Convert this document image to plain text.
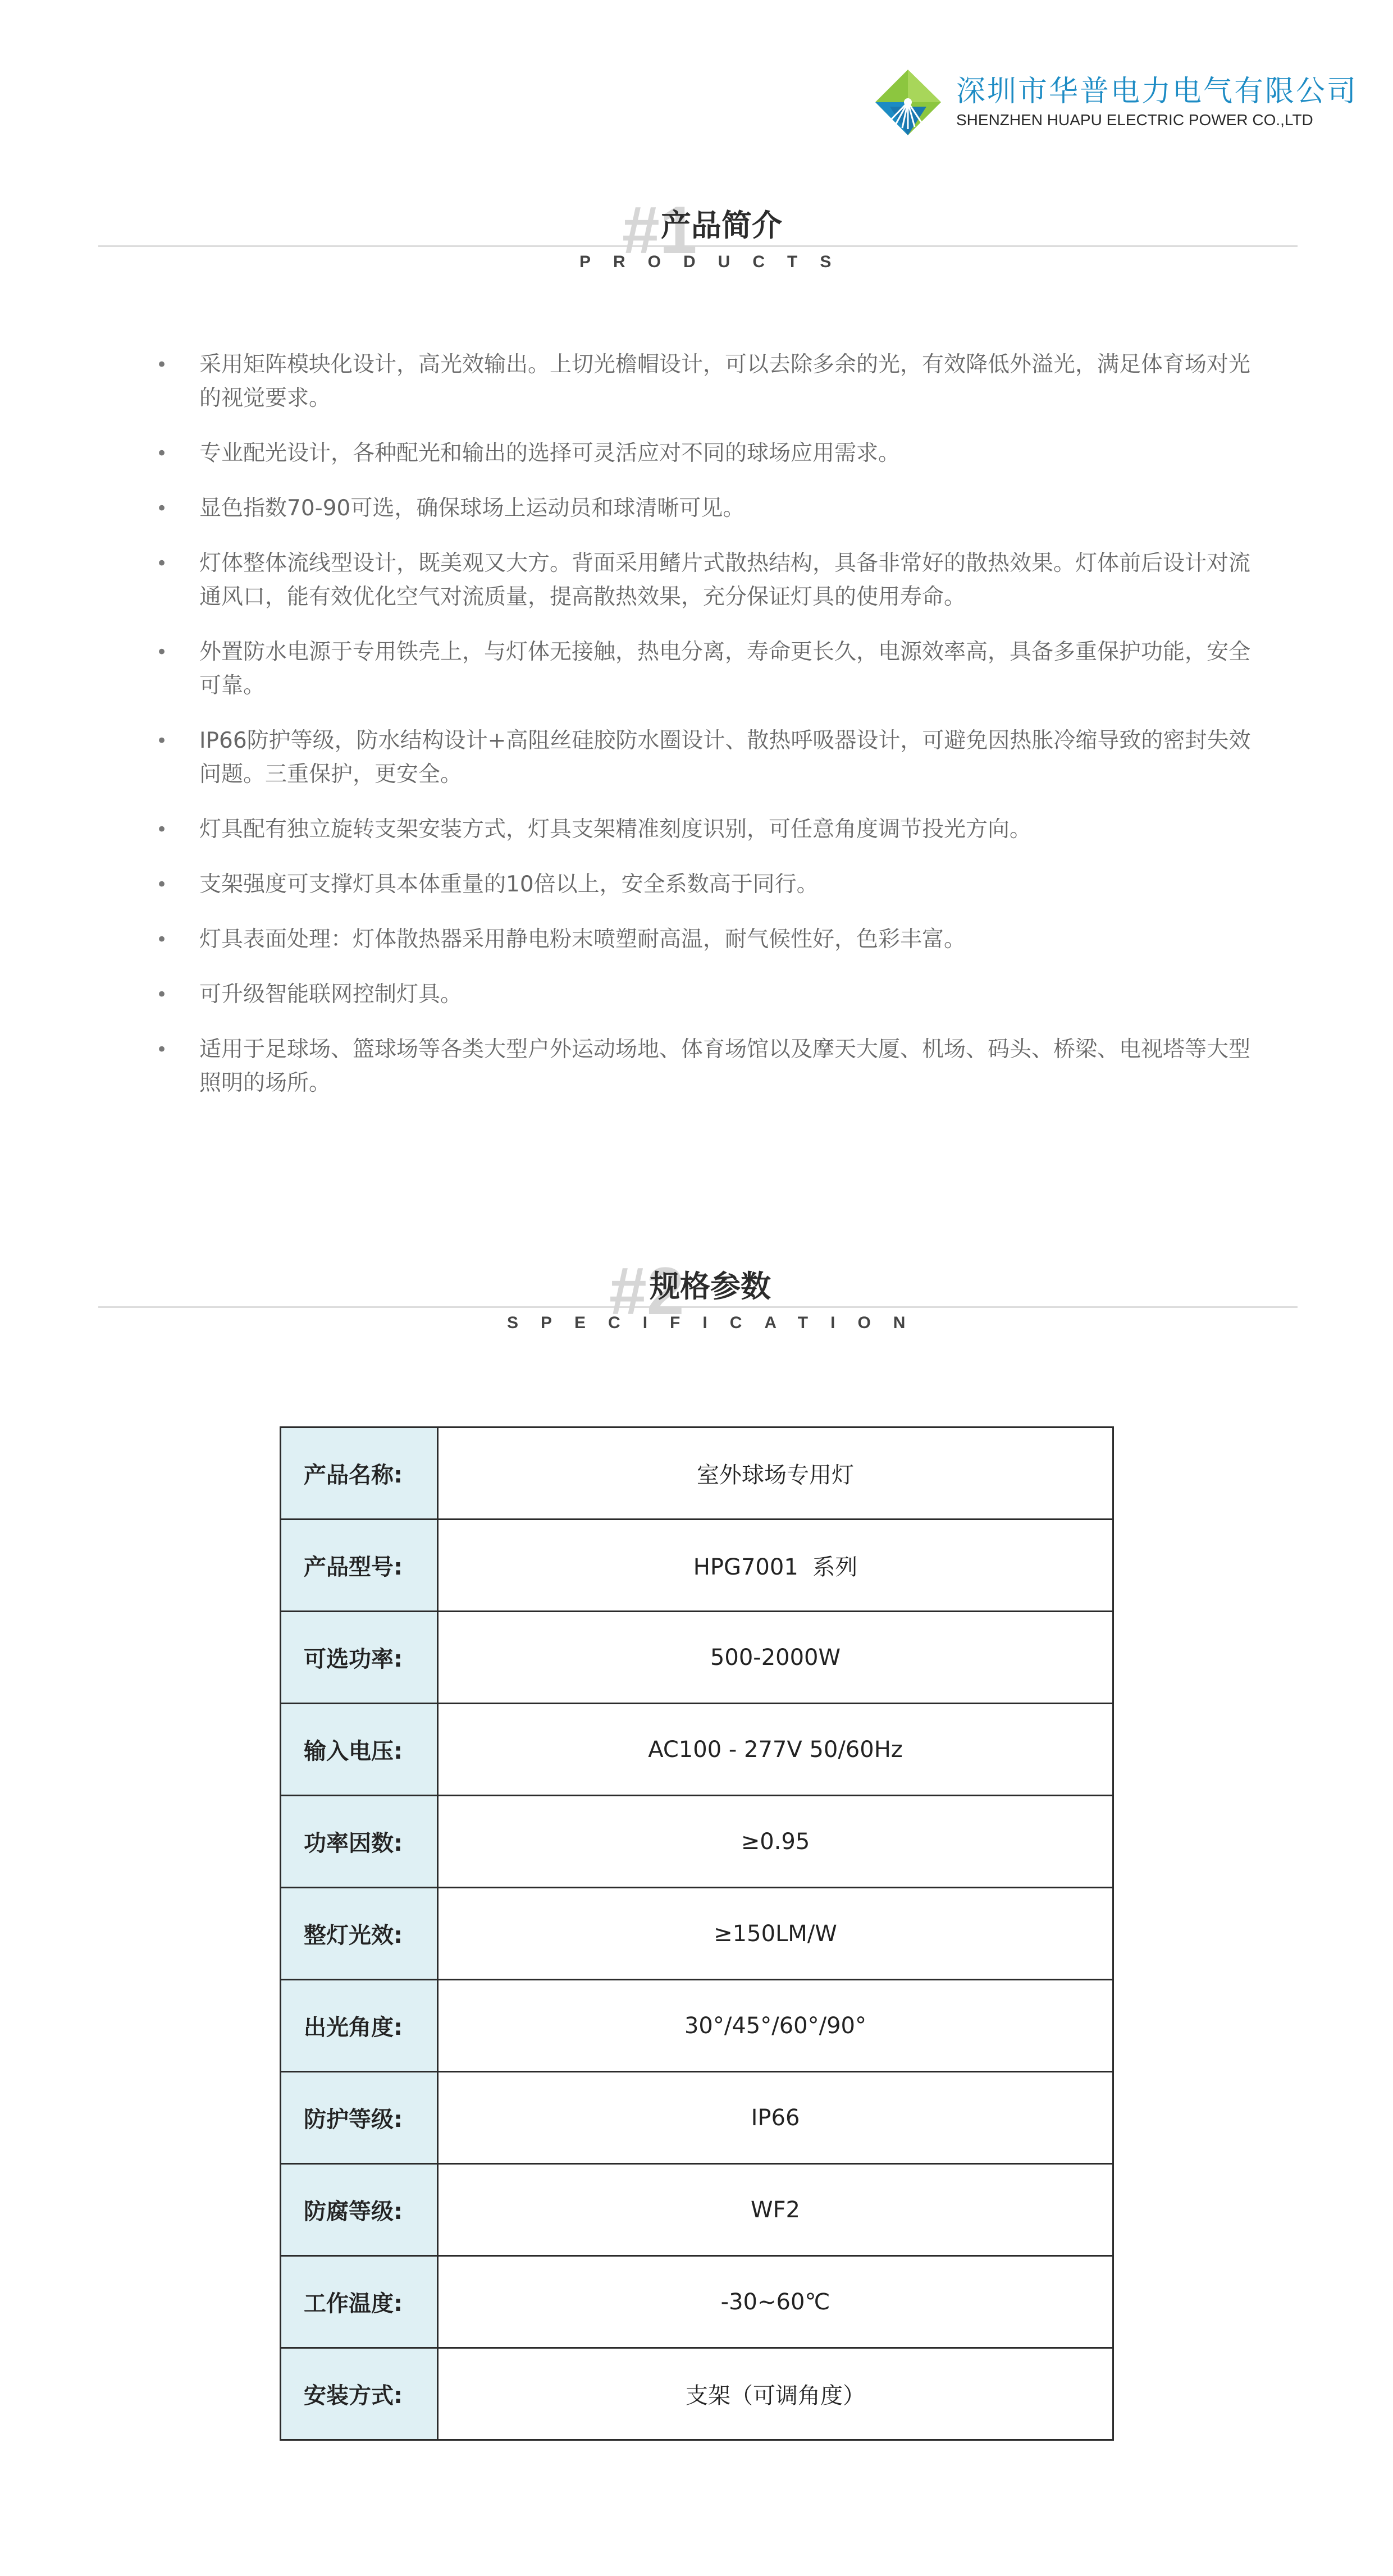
深圳市华普电力电气有限公司
SHENZHEN HUAPU ELECTRIC POWER CO.,LTD
#1
产品简介
PRODUCTS
• 采用矩阵模块化设计，高光效输出。上切光檐帽设计，可以去除多余的光，有效降低外溢光，满足体育场对光的视觉要求。
• 专业配光设计，各种配光和输出的选择可灵活应对不同的球场应用需求。
• 显色指数70-90可选，确保球场上运动员和球清晰可见。
• 灯体整体流线型设计，既美观又大方。背面采用鳍片式散热结构，具备非常好的散热效果。灯体前后设计对流通风口，能有效优化空气对流质量，提高散热效果，充分保证灯具的使用寿命。
• 外置防水电源于专用铁壳上，与灯体无接触，热电分离，寿命更长久，电源效率高，具备多重保护功能，安全可靠。
• IP66防护等级，防水结构设计+高阻丝硅胶防水圈设计、散热呼吸器设计，可避免因热胀冷缩导致的密封失效问题。三重保护，更安全。
• 灯具配有独立旋转支架安装方式，灯具支架精准刻度识别，可任意角度调节投光方向。
• 支架强度可支撑灯具本体重量的10倍以上，安全系数高于同行。
• 灯具表面处理：灯体散热器采用静电粉末喷塑耐高温，耐气候性好，色彩丰富。
• 可升级智能联网控制灯具。
• 适用于足球场、篮球场等各类大型户外运动场地、体育场馆以及摩天大厦、机场、码头、桥梁、电视塔等大型照明的场所。
#2
规格参数
SPECIFICATION
产品名称:	室外球场专用灯
产品型号:	HPG7001  系列
可选功率:	500-2000W
输入电压:	AC100 - 277V 50/60Hz
功率因数:	≥0.95
整灯光效:	≥150LM/W
出光角度:	30°/45°/60°/90°
防护等级:	IP66
防腐等级:	WF2
工作温度:	-30~60℃
安装方式:	支架（可调角度）
